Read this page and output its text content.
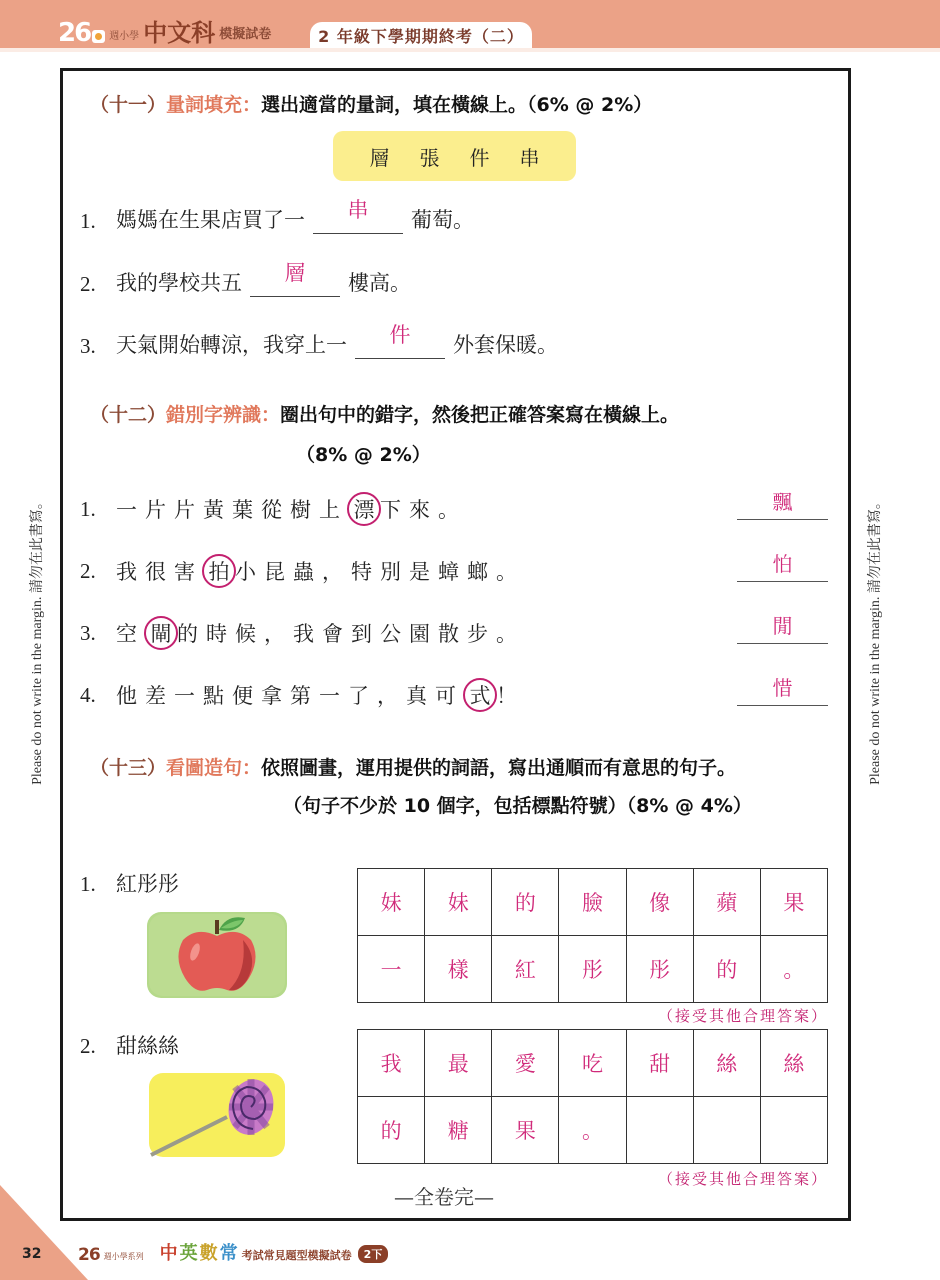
26 週小學 中文科 模擬試卷	2 年級下學期期終考（二）
Please do not write in the margin. 請勿在此書寫。	Please do not write in the margin. 請勿在此書寫。
（十一）量詞填充：選出適當的量詞，填在橫線上。（6% @ 2%）
層 張 件 串
1. 媽媽在生果店買了一	串	葡萄。
2. 我的學校共五	層	樓高。
3. 天氣開始轉涼，我穿上一	件	外套保暖。
（十二）錯別字辨識：圈出句中的錯字，然後把正確答案寫在橫線上。
（8% @ 2%）
1. 一片片黃葉從樹上 漂 下來。	飄
2. 我很害 拍 小昆蟲，特別是蟑螂。	怕
3. 空 閘 的時候，我會到公園散步。	閒
4. 他差一點便拿第一了，真可 式 ！	惜
（十三）看圖造句：依照圖畫，運用提供的詞語，寫出通順而有意思的句子。
（句子不少於 10 個字，包括標點符號）（8% @ 4%）
1. 紅彤彤
妹	妹	的	臉	像	蘋	果
一	樣	紅	彤	彤	的	。
（接受其他合理答案）
2. 甜絲絲
我	最	愛	吃	甜	絲	絲
的	糖	果	。			
（接受其他合理答案）
—全卷完—
32 26 週小學系列 中 英 數 常 考試常見題型模擬試卷	2下
